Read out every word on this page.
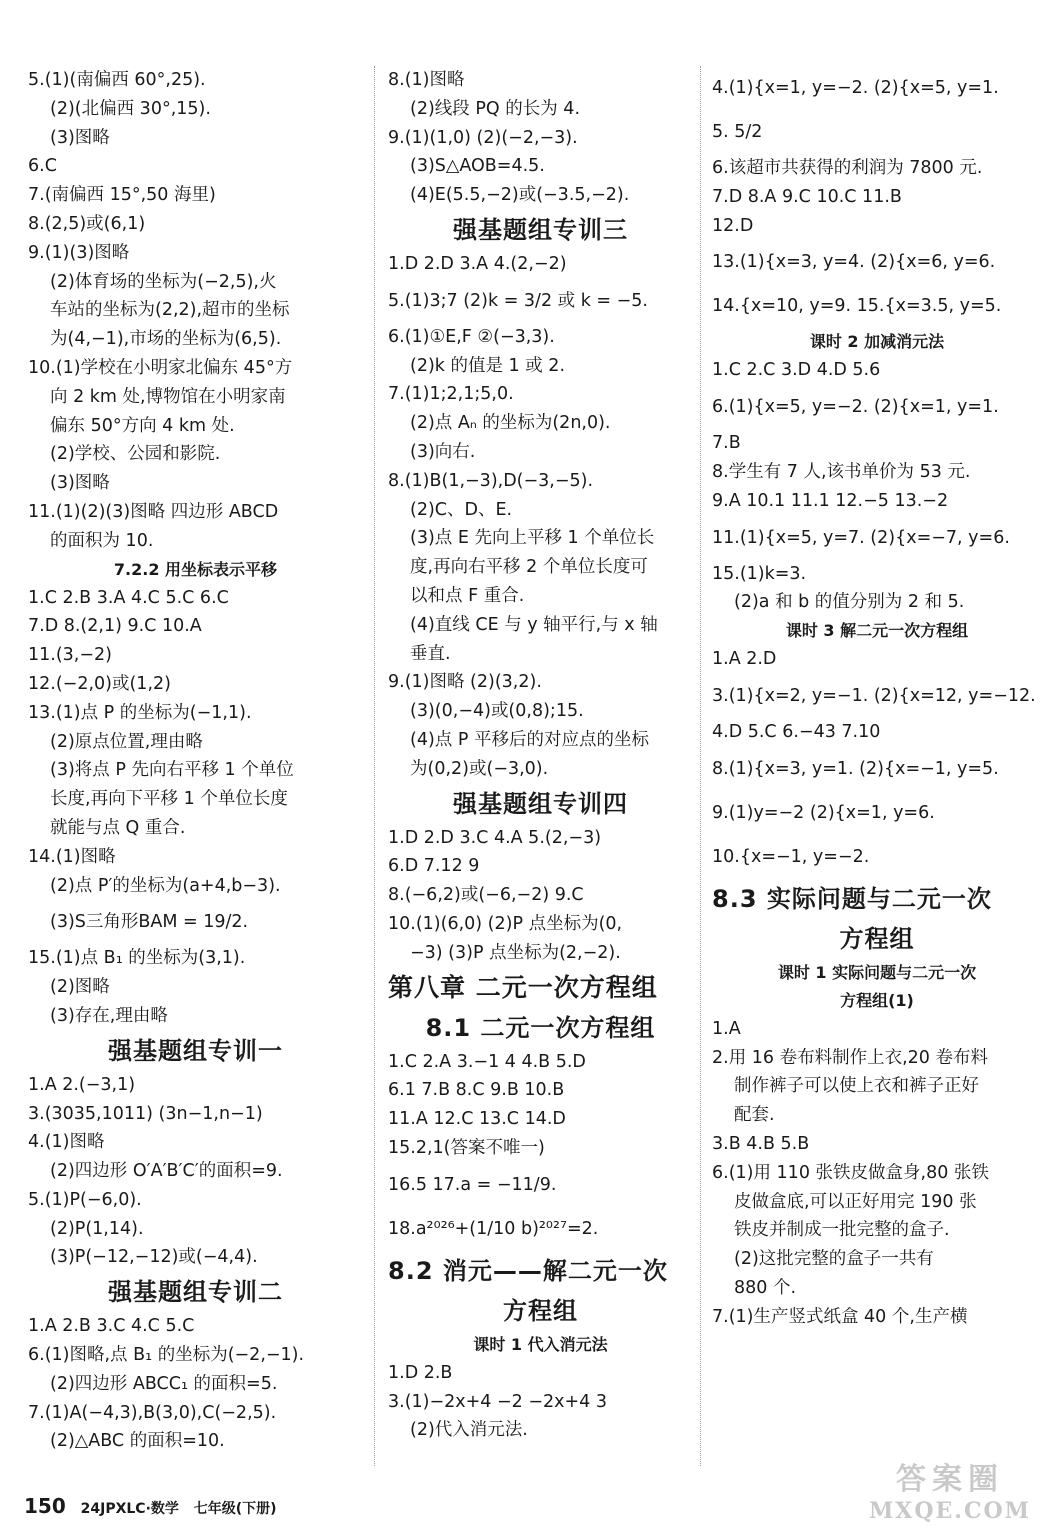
5.(1)(南偏西 60°,25).
(2)(北偏西 30°,15).
(3)图略
6.C
7.(南偏西 15°,50 海里)
8.(2,5)或(6,1)
9.(1)(3)图略
(2)体育场的坐标为(−2,5),火
车站的坐标为(2,2),超市的坐标
为(4,−1),市场的坐标为(6,5).
10.(1)学校在小明家北偏东 45°方
向 2 km 处,博物馆在小明家南
偏东 50°方向 4 km 处.
(2)学校、公园和影院.
(3)图略
11.(1)(2)(3)图略 四边形 ABCD
的面积为 10.
7.2.2 用坐标表示平移
1.C 2.B 3.A 4.C 5.C 6.C
7.D 8.(2,1) 9.C 10.A
11.(3,−2)
12.(−2,0)或(1,2)
13.(1)点 P 的坐标为(−1,1).
(2)原点位置,理由略
(3)将点 P 先向右平移 1 个单位
长度,再向下平移 1 个单位长度
就能与点 Q 重合.
14.(1)图略
(2)点 P′的坐标为(a+4,b−3).
(3)S三角形BAM = 19/2.
15.(1)点 B₁ 的坐标为(3,1).
(2)图略
(3)存在,理由略
强基题组专训一
1.A 2.(−3,1)
3.(3035,1011) (3n−1,n−1)
4.(1)图略
(2)四边形 O′A′B′C′的面积=9.
5.(1)P(−6,0).
(2)P(1,14).
(3)P(−12,−12)或(−4,4).
强基题组专训二
1.A 2.B 3.C 4.C 5.C
6.(1)图略,点 B₁ 的坐标为(−2,−1).
(2)四边形 ABCC₁ 的面积=5.
7.(1)A(−4,3),B(3,0),C(−2,5).
(2)△ABC 的面积=10.
8.(1)图略
(2)线段 PQ 的长为 4.
9.(1)(1,0) (2)(−2,−3).
(3)S△AOB=4.5.
(4)E(5.5,−2)或(−3.5,−2).
强基题组专训三
1.D 2.D 3.A 4.(2,−2)
5.(1)3;7 (2)k = 3/2 或 k = −5.
6.(1)①E,F ②(−3,3).
(2)k 的值是 1 或 2.
7.(1)1;2,1;5,0.
(2)点 Aₙ 的坐标为(2n,0).
(3)向右.
8.(1)B(1,−3),D(−3,−5).
(2)C、D、E.
(3)点 E 先向上平移 1 个单位长
度,再向右平移 2 个单位长度可
以和点 F 重合.
(4)直线 CE 与 y 轴平行,与 x 轴
垂直.
9.(1)图略 (2)(3,2).
(3)(0,−4)或(0,8);15.
(4)点 P 平移后的对应点的坐标
为(0,2)或(−3,0).
强基题组专训四
1.D 2.D 3.C 4.A 5.(2,−3)
6.D 7.12 9
8.(−6,2)或(−6,−2) 9.C
10.(1)(6,0) (2)P 点坐标为(0,
−3) (3)P 点坐标为(2,−2).
第八章 二元一次方程组
8.1 二元一次方程组
1.C 2.A 3.−1 4 4.B 5.D
6.1 7.B 8.C 9.B 10.B
11.A 12.C 13.C 14.D
15.2,1(答案不唯一)
16.5 17.a = −11/9.
18.a²⁰²⁶+(1/10 b)²⁰²⁷=2.
8.2 消元——解二元一次
方程组
课时 1 代入消元法
1.D 2.B
3.(1)−2x+4 −2 −2x+4 3
(2)代入消元法.
4.(1){x=1, y=−2. (2){x=5, y=1.
5. 5/2
6.该超市共获得的利润为 7800 元.
7.D 8.A 9.C 10.C 11.B
12.D
13.(1){x=3, y=4. (2){x=6, y=6.
14.{x=10, y=9. 15.{x=3.5, y=5.
课时 2 加减消元法
1.C 2.C 3.D 4.D 5.6
6.(1){x=5, y=−2. (2){x=1, y=1.
7.B
8.学生有 7 人,该书单价为 53 元.
9.A 10.1 11.1 12.−5 13.−2
11.(1){x=5, y=7. (2){x=−7, y=6.
15.(1)k=3.
(2)a 和 b 的值分别为 2 和 5.
课时 3 解二元一次方程组
1.A 2.D
3.(1){x=2, y=−1. (2){x=12, y=−12.
4.D 5.C 6.−43 7.10
8.(1){x=3, y=1. (2){x=−1, y=5.
9.(1)y=−2 (2){x=1, y=6.
10.{x=−1, y=−2.
8.3 实际问题与二元一次
方程组
课时 1 实际问题与二元一次
方程组(1)
1.A
2.用 16 卷布料制作上衣,20 卷布料
制作裤子可以使上衣和裤子正好
配套.
3.B 4.B 5.B
6.(1)用 110 张铁皮做盒身,80 张铁
皮做盒底,可以正好用完 190 张
铁皮并制成一批完整的盒子.
(2)这批完整的盒子一共有
880 个.
7.(1)生产竖式纸盒 40 个,生产横
150 24JPXLC·数学 七年级(下册)
答案圈
MXQE.COM
